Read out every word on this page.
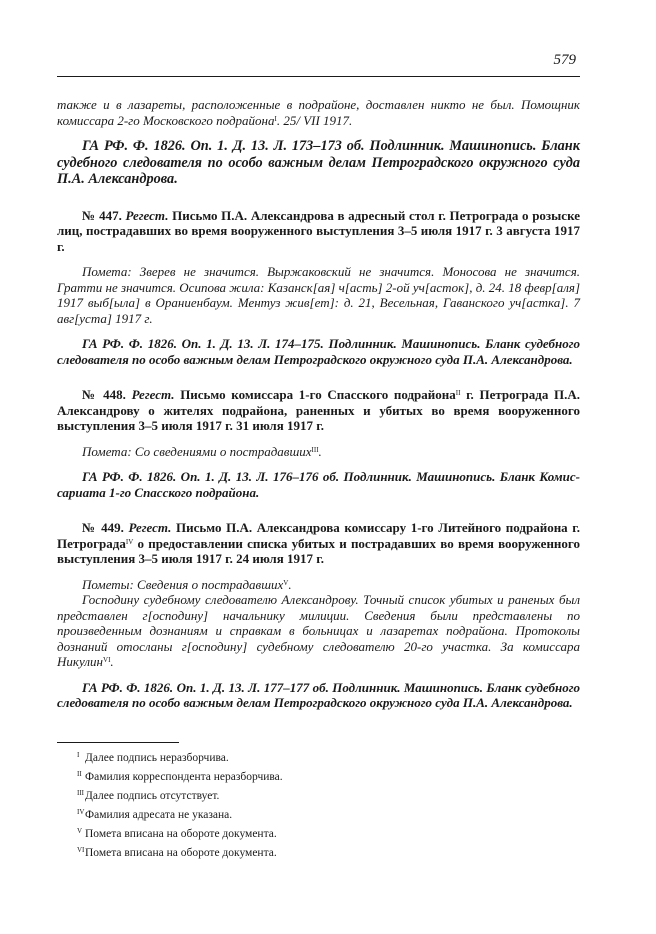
579

также и в лазареты, расположенные в подрайоне, доставлен никто не был. Помощник комиссара 2-го Московского подрайона$^I$. 25/ VII 1917.

ГА РФ. Ф. 1826. Оп. 1. Д. 13. Л. 173–173 об. Подлинник. Машинопись. Бланк судебного следователя по особо важным делам Петроградского окружного суда П.А. Александрова.

№ 447. Регест. Письмо П.А. Александрова в адресный стол г. Петрограда о розыске лиц, пострадавших во время вооруженного выступления 3–5 июля 1917 г. 3 августа 1917 г.

Помета: Зверев не значится. Выржаковский не значится. Моносова не значится. Гратти не значится. Осипова жила: Казанск[ая] ч[асть] 2-ой уч[асток], д. 24. 18 февр[аля] 1917 выб[ыла] в Ораниенбаум. Ментуз жив[ет]: д. 21, Весельная, Гаванского уч[астка]. 7 авг[уста] 1917 г.

ГА РФ. Ф. 1826. Оп. 1. Д. 13. Л. 174–175. Подлинник. Машинопись. Бланк судебного следователя по особо важным делам Петроградского окружного суда П.А. Александрова.

№ 448. Регест. Письмо комиссара 1-го Спасского подрайона$^{II}$ г. Петрограда П.А. Александрову о жителях подрайона, раненных и убитых во время вооруженного выступления 3–5 июля 1917 г. 31 июля 1917 г.

Помета: Со сведениями о пострадавших$^{III}$.

ГА РФ. Ф. 1826. Оп. 1. Д. 13. Л. 176–176 об. Подлинник. Машинопись. Бланк Комиссариата 1-го Спасского подрайона.

№ 449. Регест. Письмо П.А. Александрова комиссару 1-го Литейного подрайона г. Петрограда$^{IV}$ о предоставлении списка убитых и пострадавших во время вооруженного выступления 3–5 июля 1917 г. 24 июля 1917 г.

Пометы: Сведения о пострадавших$^V$.

Господину судебному следователю Александрову. Точный список убитых и раненых был представлен г[осподину] начальнику милиции. Сведения были представлены по произведенным дознаниям и справкам в больницах и лазаретах подрайона. Протоколы дознаний отосланы г[осподину] судебному следователю 20-го участка. За комиссара Никулин$^{VI}$.

ГА РФ. Ф. 1826. Оп. 1. Д. 13. Л. 177–177 об. Подлинник. Машинопись. Бланк судебного следователя по особо важным делам Петроградского окружного суда П.А. Александрова.

I Далее подпись неразборчива.
II Фамилия корреспондента неразборчива.
III Далее подпись отсутствует.
IV Фамилия адресата не указана.
V Помета вписана на обороте документа.
VI Помета вписана на обороте документа.
